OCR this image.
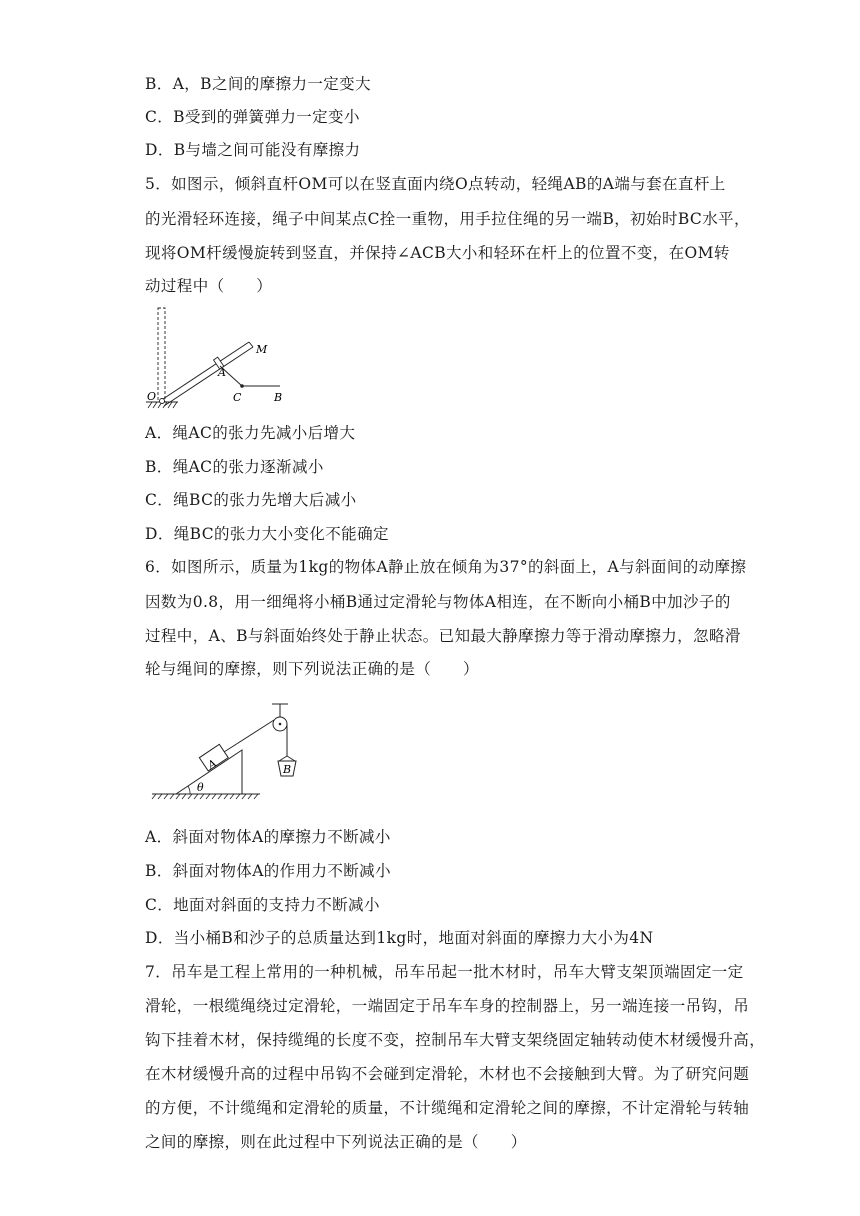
B．A，B之间的摩擦力一定变大
C．B受到的弹簧弹力一定变小
D．B与墙之间可能没有摩擦力
5．如图示，倾斜直杆OM可以在竖直面内绕O点转动，轻绳AB的A端与套在直杆上
的光滑轻环连接，绳子中间某点C拴一重物，用手拉住绳的另一端B，初始时BC水平，
现将OM杆缓慢旋转到竖直，并保持∠ACB大小和轻环在杆上的位置不变，在OM转
动过程中（　　）
M
A
O	C	B
A．绳AC的张力先减小后增大
B．绳AC的张力逐渐减小
C．绳BC的张力先增大后减小
D．绳BC的张力大小变化不能确定
6．如图所示，质量为1kg的物体A静止放在倾角为37°的斜面上，A与斜面间的动摩擦
因数为0.8，用一细绳将小桶B通过定滑轮与物体A相连，在不断向小桶B中加沙子的
过程中，A、B与斜面始终处于静止状态。已知最大静摩擦力等于滑动摩擦力，忽略滑
轮与绳间的摩擦，则下列说法正确的是（　　）
A	B
θ
A．斜面对物体A的摩擦力不断减小
B．斜面对物体A的作用力不断减小
C．地面对斜面的支持力不断减小
D．当小桶B和沙子的总质量达到1kg时，地面对斜面的摩擦力大小为4N
7．吊车是工程上常用的一种机械，吊车吊起一批木材时，吊车大臂支架顶端固定一定
滑轮，一根缆绳绕过定滑轮，一端固定于吊车车身的控制器上，另一端连接一吊钩，吊
钩下挂着木材，保持缆绳的长度不变，控制吊车大臂支架绕固定轴转动使木材缓慢升高，
在木材缓慢升高的过程中吊钩不会碰到定滑轮，木材也不会接触到大臂。为了研究问题
的方便，不计缆绳和定滑轮的质量，不计缆绳和定滑轮之间的摩擦，不计定滑轮与转轴
之间的摩擦，则在此过程中下列说法正确的是（　　）
